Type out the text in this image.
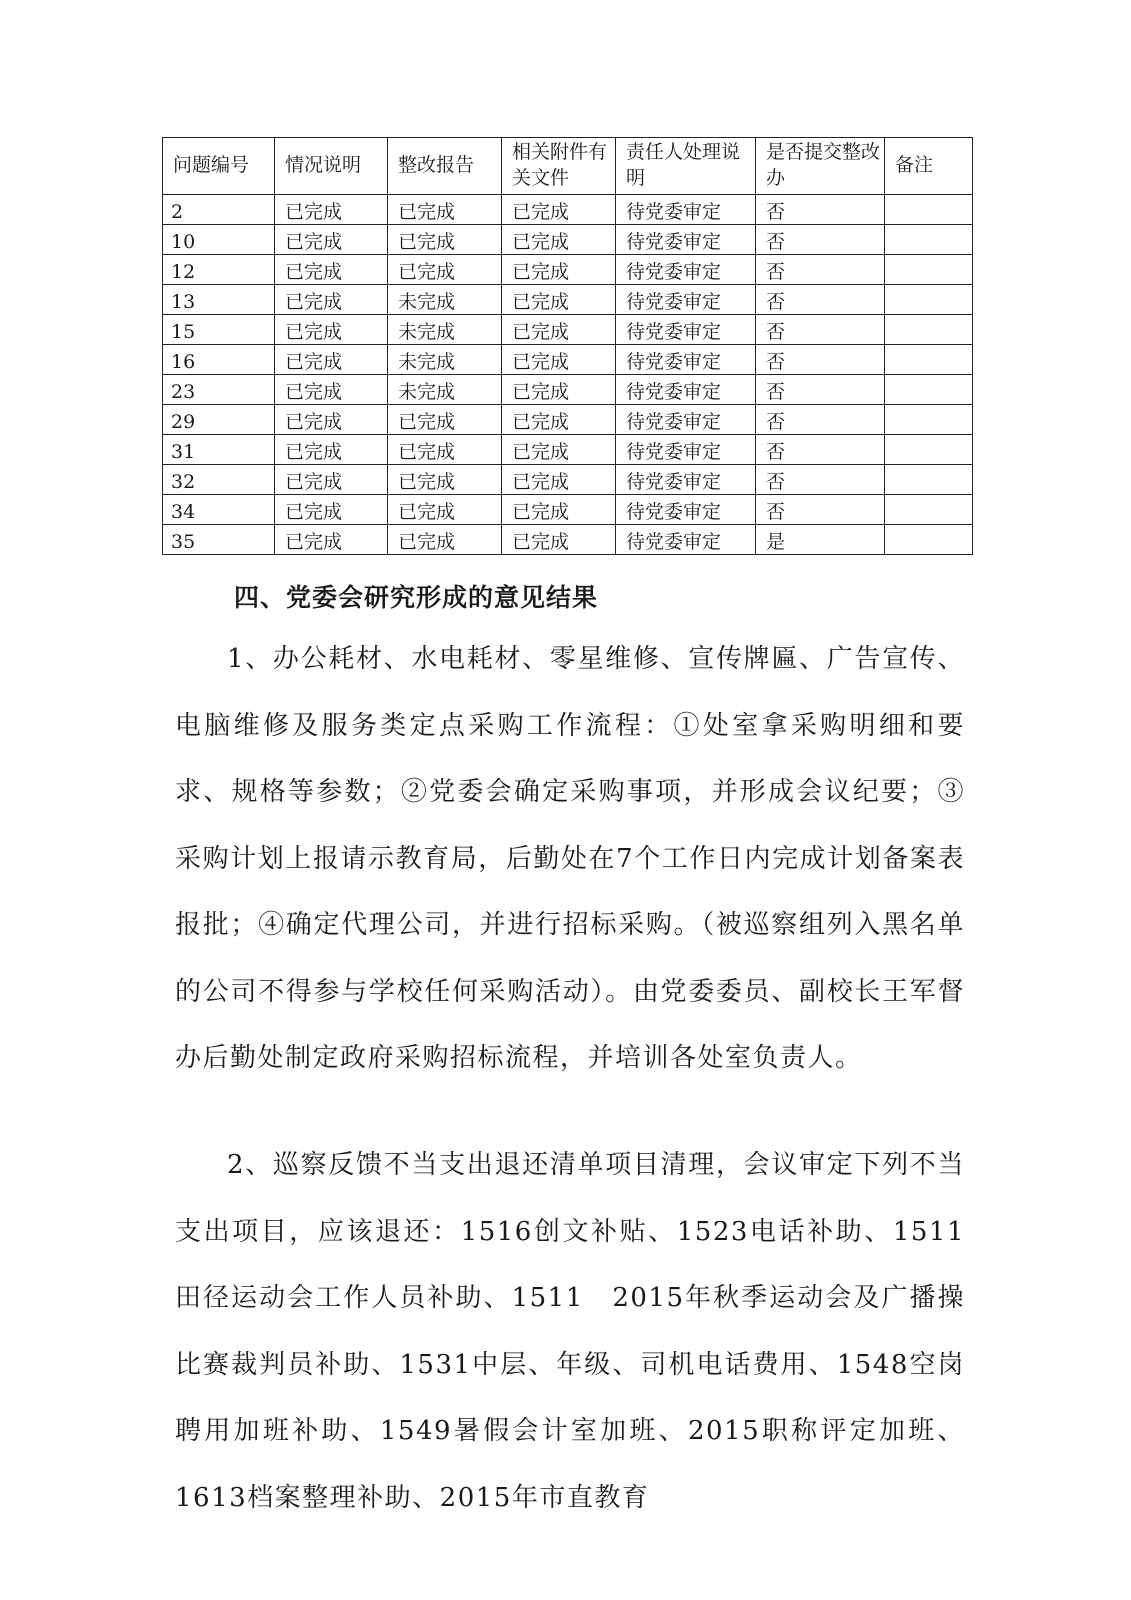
问题编号	情况说明	整改报告	相关附件有关文件	责任人处理说明	是否提交整改办	备注
2	已完成	已完成	已完成	待党委审定	否	
10	已完成	已完成	已完成	待党委审定	否	
12	已完成	已完成	已完成	待党委审定	否	
13	已完成	未完成	已完成	待党委审定	否	
15	已完成	未完成	已完成	待党委审定	否	
16	已完成	未完成	已完成	待党委审定	否	
23	已完成	未完成	已完成	待党委审定	否	
29	已完成	已完成	已完成	待党委审定	否	
31	已完成	已完成	已完成	待党委审定	否	
32	已完成	已完成	已完成	待党委审定	否	
34	已完成	已完成	已完成	待党委审定	否	
35	已完成	已完成	已完成	待党委审定	是	
四、党委会研究形成的意见结果

1、办公耗材、水电耗材、零星维修、宣传牌匾、广告宣传、电脑维修及服务类定点采购工作流程：①处室拿采购明细和要求、规格等参数；②党委会确定采购事项，并形成会议纪要；③采购计划上报请示教育局，后勤处在7个工作日内完成计划备案表报批；④确定代理公司，并进行招标采购。（被巡察组列入黑名单的公司不得参与学校任何采购活动）。由党委委员、副校长王军督办后勤处制定政府采购招标流程，并培训各处室负责人。

2、巡察反馈不当支出退还清单项目清理，会议审定下列不当支出项目，应该退还：1516创文补贴、1523电话补助、1511田径运动会工作人员补助、1511　2015年秋季运动会及广播操比赛裁判员补助、1531中层、年级、司机电话费用、1548空岗聘用加班补助、1549暑假会计室加班、2015职称评定加班、1613档案整理补助、2015年市直教育
